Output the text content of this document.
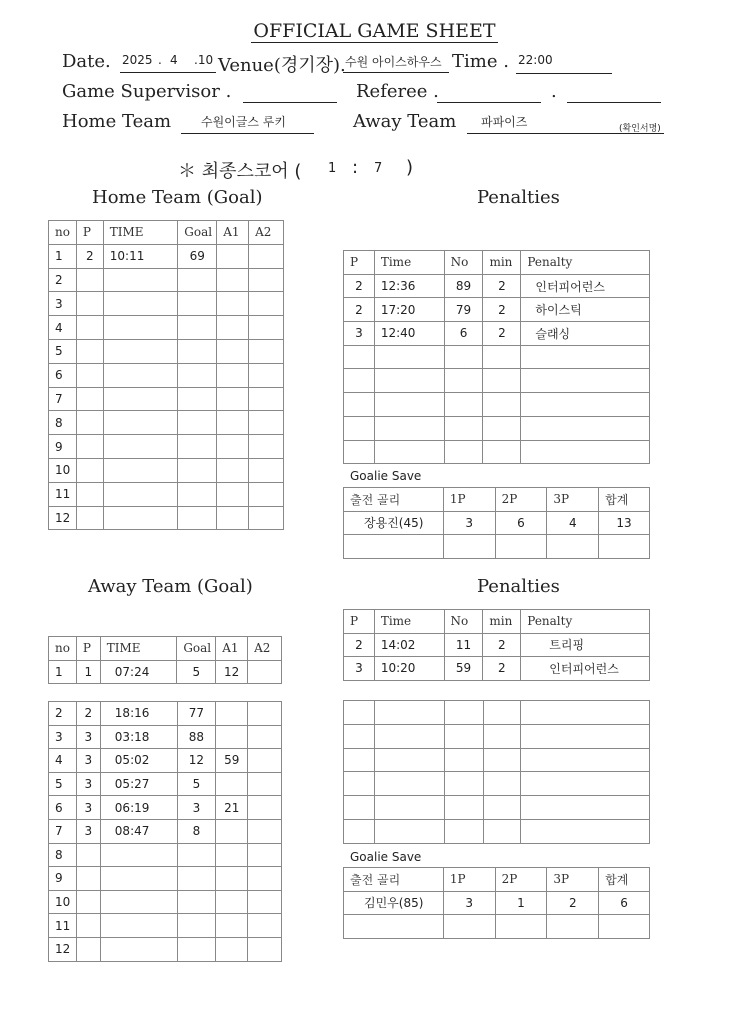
OFFICIAL GAME SHEET
Date. 2025 . 4 .10 Venue(경기장). 수원 아이스하우스 Time . 22:00
Game Supervisor .	Referee .	.
Home Team 수원이글스 루키	Away Team 파파이즈	(확인서명)
＊ 최종스코어 ( 1 : 7 )
Home Team (Goal)	Penalties
Away Team (Goal)	Penalties
Goalie Save
Goalie Save
no	P	TIME	Goal	A1	A2
1	2	10:11	69		
2					
3					
4					
5					
6					
7					
8					
9					
10					
11					
12					
P	Time	No	min	Penalty
2	12:36	89	2	인터피어런스
2	17:20	79	2	하이스틱
3	12:40	6	2	슬래싱

출전 골리	1P	2P	3P	합계
장용진(45)	3	6	4	13

no	P	TIME	Goal	A1	A2
1	1	07:24	5	12	
2	2	18:16	77		
3	3	03:18	88		
4	3	05:02	12	59	
5	3	05:27	5		
6	3	06:19	3	21	
7	3	08:47	8		
8					
9					
10					
11					
12					
P	Time	No	min	Penalty
2	14:02	11	2	트리핑
3	10:20	59	2	인터피어런스

출전 골리	1P	2P	3P	합계
김민우(85)	3	1	2	6
